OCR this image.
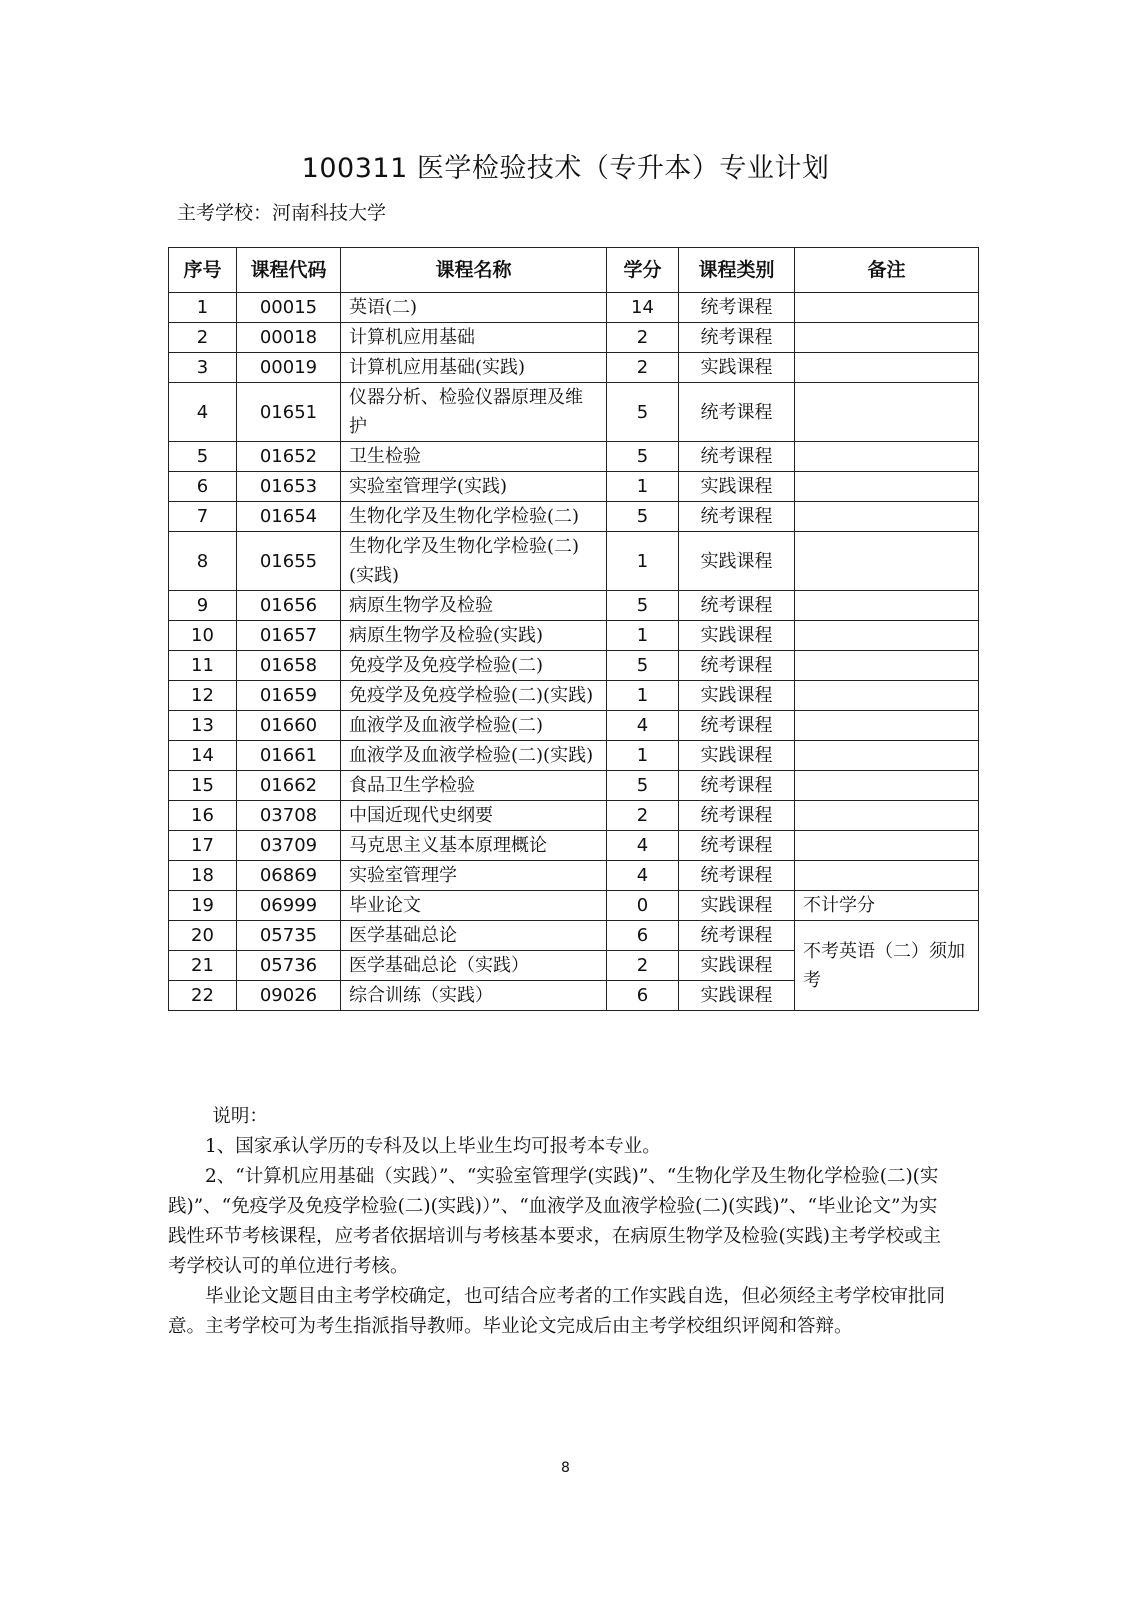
100311 医学检验技术（专升本）专业计划
主考学校：河南科技大学
序号	课程代码	课程名称	学分	课程类别	备注
1	00015	英语(二)	14	统考课程	
2	00018	计算机应用基础	2	统考课程	
3	00019	计算机应用基础(实践)	2	实践课程	
4	01651	仪器分析、检验仪器原理及维护	5	统考课程	
5	01652	卫生检验	5	统考课程	
6	01653	实验室管理学(实践)	1	实践课程	
7	01654	生物化学及生物化学检验(二)	5	统考课程	
8	01655	生物化学及生物化学检验(二)(实践)	1	实践课程	
9	01656	病原生物学及检验	5	统考课程	
10	01657	病原生物学及检验(实践)	1	实践课程	
11	01658	免疫学及免疫学检验(二)	5	统考课程	
12	01659	免疫学及免疫学检验(二)(实践)	1	实践课程	
13	01660	血液学及血液学检验(二)	4	统考课程	
14	01661	血液学及血液学检验(二)(实践)	1	实践课程	
15	01662	食品卫生学检验	5	统考课程	
16	03708	中国近现代史纲要	2	统考课程	
17	03709	马克思主义基本原理概论	4	统考课程	
18	06869	实验室管理学	4	统考课程	
19	06999	毕业论文	0	实践课程	不计学分
20	05735	医学基础总论	6	统考课程	不考英语（二）须加考
21	05736	医学基础总论（实践）	2	实践课程	
22	09026	综合训练（实践）	6	实践课程	

说明：

1、国家承认学历的专科及以上毕业生均可报考本专业。

2、“计算机应用基础（实践）”、“实验室管理学(实践)”、“生物化学及生物化学检验(二)(实践)”、“免疫学及免疫学检验(二)(实践)）”、“血液学及血液学检验(二)(实践)”、“毕业论文”为实践性环节考核课程，应考者依据培训与考核基本要求，在病原生物学及检验(实践)主考学校或主考学校认可的单位进行考核。

毕业论文题目由主考学校确定，也可结合应考者的工作实践自选，但必须经主考学校审批同意。主考学校可为考生指派指导教师。毕业论文完成后由主考学校组织评阅和答辩。

8
